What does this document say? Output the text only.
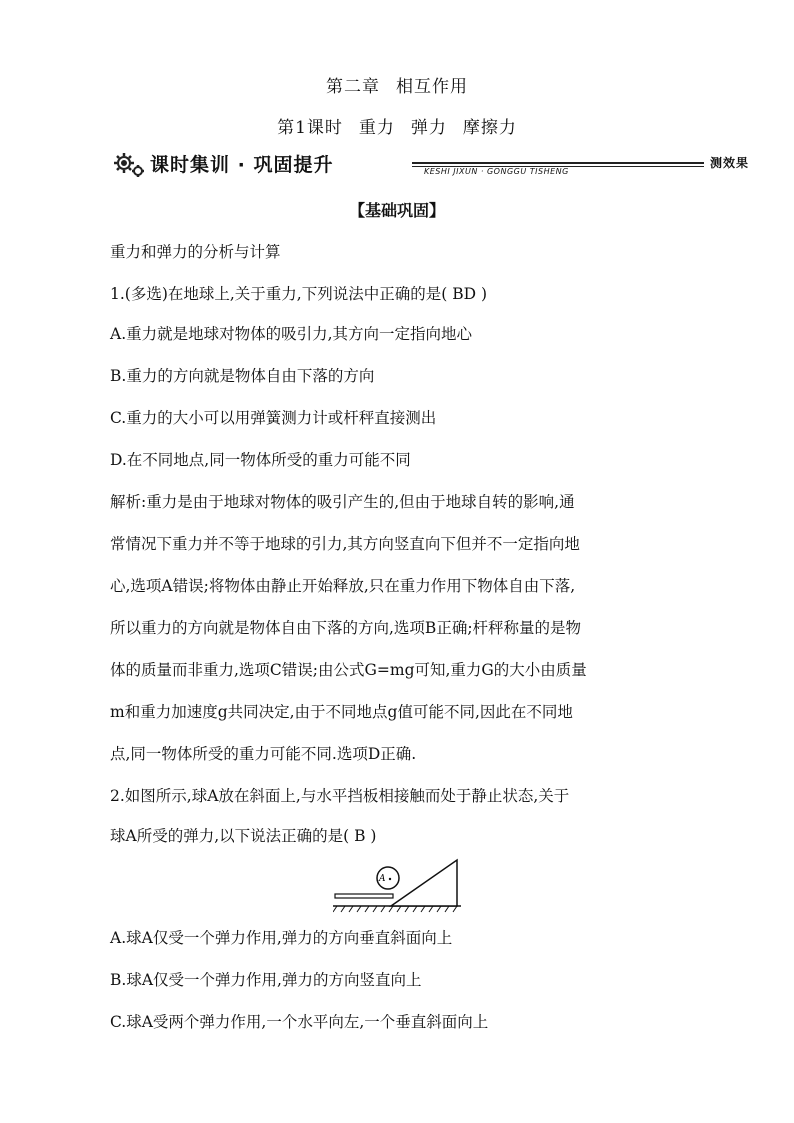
第二章 相互作用
第1课时 重力 弹力 摩擦力
课时集训 · 巩固提升	KESHI JIXUN · GONGGU TISHENG
测效果
【基础巩固】
重力和弹力的分析与计算
1.(多选)在地球上,关于重力,下列说法中正确的是( BD )
A.重力就是地球对物体的吸引力,其方向一定指向地心
B.重力的方向就是物体自由下落的方向
C.重力的大小可以用弹簧测力计或杆秤直接测出
D.在不同地点,同一物体所受的重力可能不同
解析:重力是由于地球对物体的吸引产生的,但由于地球自转的影响,通
常情况下重力并不等于地球的引力,其方向竖直向下但并不一定指向地
心,选项A错误;将物体由静止开始释放,只在重力作用下物体自由下落,
所以重力的方向就是物体自由下落的方向,选项B正确;杆秤称量的是物
体的质量而非重力,选项C错误;由公式G=mg可知,重力G的大小由质量
m和重力加速度g共同决定,由于不同地点g值可能不同,因此在不同地
点,同一物体所受的重力可能不同.选项D正确.
2.如图所示,球A放在斜面上,与水平挡板相接触而处于静止状态,关于
球A所受的弹力,以下说法正确的是( B )
A
A.球A仅受一个弹力作用,弹力的方向垂直斜面向上
B.球A仅受一个弹力作用,弹力的方向竖直向上
C.球A受两个弹力作用,一个水平向左,一个垂直斜面向上
